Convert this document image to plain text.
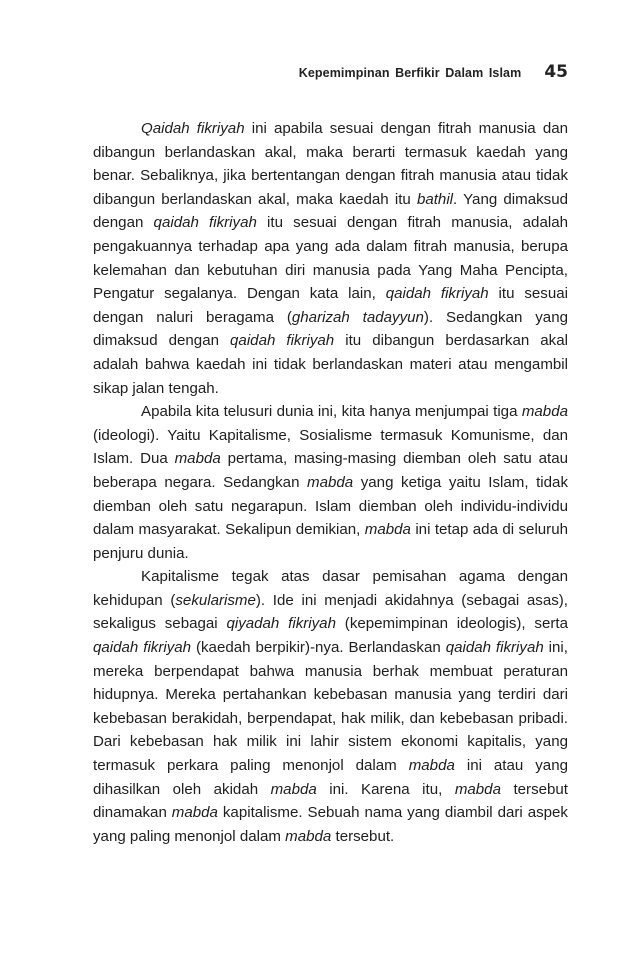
Kepemimpinan Berfikir Dalam Islam 45

Qaidah fikriyah ini apabila sesuai dengan fitrah manusia dan dibangun berlandaskan akal, maka berarti termasuk kaedah yang benar. Sebaliknya, jika bertentangan dengan fitrah manusia atau tidak dibangun berlandaskan akal, maka kaedah itu bathil. Yang dimaksud dengan qaidah fikriyah itu sesuai dengan fitrah manusia, adalah pengakuannya terhadap apa yang ada dalam fitrah manusia, berupa kelemahan dan kebutuhan diri manusia pada Yang Maha Pencipta, Pengatur segalanya. Dengan kata lain, qaidah fikriyah itu sesuai dengan naluri beragama (gharizah tadayyun). Sedangkan yang dimaksud dengan qaidah fikriyah itu dibangun berdasarkan akal adalah bahwa kaedah ini tidak berlandaskan materi atau mengambil sikap jalan tengah.

Apabila kita telusuri dunia ini, kita hanya menjumpai tiga mabda (ideologi). Yaitu Kapitalisme, Sosialisme termasuk Komunisme, dan Islam. Dua mabda pertama, masing-masing diemban oleh satu atau beberapa negara. Sedangkan mabda yang ketiga yaitu Islam, tidak diemban oleh satu negarapun. Islam diemban oleh individu-individu dalam masyarakat. Sekalipun demikian, mabda ini tetap ada di seluruh penjuru dunia.

Kapitalisme tegak atas dasar pemisahan agama dengan kehidupan (sekularisme). Ide ini menjadi akidahnya (sebagai asas), sekaligus sebagai qiyadah fikriyah (kepemimpinan ideologis), serta qaidah fikriyah (kaedah berpikir)-nya. Berlandaskan qaidah fikriyah ini, mereka berpendapat bahwa manusia berhak membuat peraturan hidupnya. Mereka pertahankan kebebasan manusia yang terdiri dari kebebasan berakidah, berpendapat, hak milik, dan kebebasan pribadi. Dari kebebasan hak milik ini lahir sistem ekonomi kapitalis, yang termasuk perkara paling menonjol dalam mabda ini atau yang dihasilkan oleh akidah mabda ini. Karena itu, mabda tersebut dinamakan mabda kapitalisme. Sebuah nama yang diambil dari aspek yang paling menonjol dalam mabda tersebut.
